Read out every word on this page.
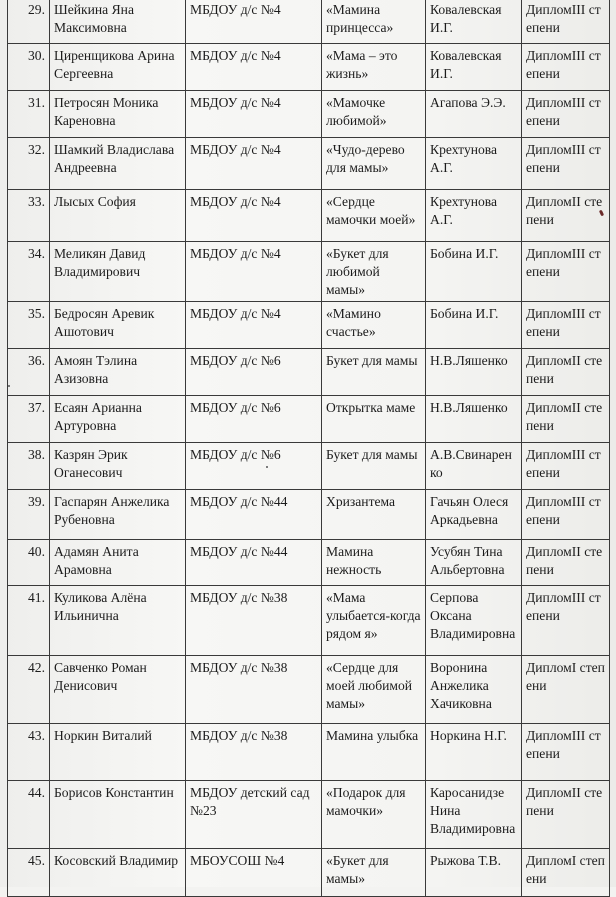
29.	Шейкина Яна Максимовна	МБДОУ д/с №4	«Мамина принцесса»	Ковалевская И.Г.	ДипломIII степени
30.	Циренщикова Арина Сергеевна	МБДОУ д/с №4	«Мама – это жизнь»	Ковалевская И.Г.	ДипломIII степени
31.	Петросян Моника Кареновна	МБДОУ д/с №4	«Мамочке любимой»	Агапова Э.Э.	ДипломIII степени
32.	Шамкий Владислава Андреевна	МБДОУ д/с №4	«Чудо-дерево для мамы»	Крехтунова А.Г.	ДипломIII степени
33.	Лысых София	МБДОУ д/с №4	«Сердце мамочки моей»	Крехтунова А.Г.	ДипломII степени
34.	Меликян Давид Владимирович	МБДОУ д/с №4	«Букет для любимой мамы»	Бобина И.Г.	ДипломIII степени
35.	Бедросян Аревик Ашотович	МБДОУ д/с №4	«Мамино счастье»	Бобина И.Г.	ДипломIII степени
36.	Амоян Тэлина Азизовна	МБДОУ д/с №6	Букет для мамы	Н.В.Ляшенко	ДипломII степени
37.	Есаян Арианна Артуровна	МБДОУ д/с №6	Открытка маме	Н.В.Ляшенко	ДипломII степени
38.	Казрян Эрик Оганесович	МБДОУ д/с №6	Букет для мамы	А.В.Свинаренко	ДипломIII степени
39.	Гаспарян Анжелика Рубеновна	МБДОУ д/с №44	Хризантема	Гачьян Олеся Аркадьевна	ДипломIII степени
40.	Адамян Анита Арамовна	МБДОУ д/с №44	Мамина нежность	Усубян Тина Альбертовна	ДипломII степени
41.	Куликова Алёна Ильинична	МБДОУ д/с №38	«Мама улыбается-когда рядом я»	Серпова Оксана Владимировна	ДипломIII степени
42.	Савченко Роман Денисович	МБДОУ д/с №38	«Сердце для моей любимой мамы»	Воронина Анжелика Хачиковна	ДипломI степени
43.	Норкин Виталий	МБДОУ д/с №38	Мамина улыбка	Норкина Н.Г.	ДипломIII степени
44.	Борисов Константин	МБДОУ детский сад №23	«Подарок для мамочки»	Каросанидзе Нина Владимировна	ДипломII степени
45.	Косовский Владимир	МБОУСОШ №4	«Букет для мамы»	Рыжова Т.В.	ДипломI степени
